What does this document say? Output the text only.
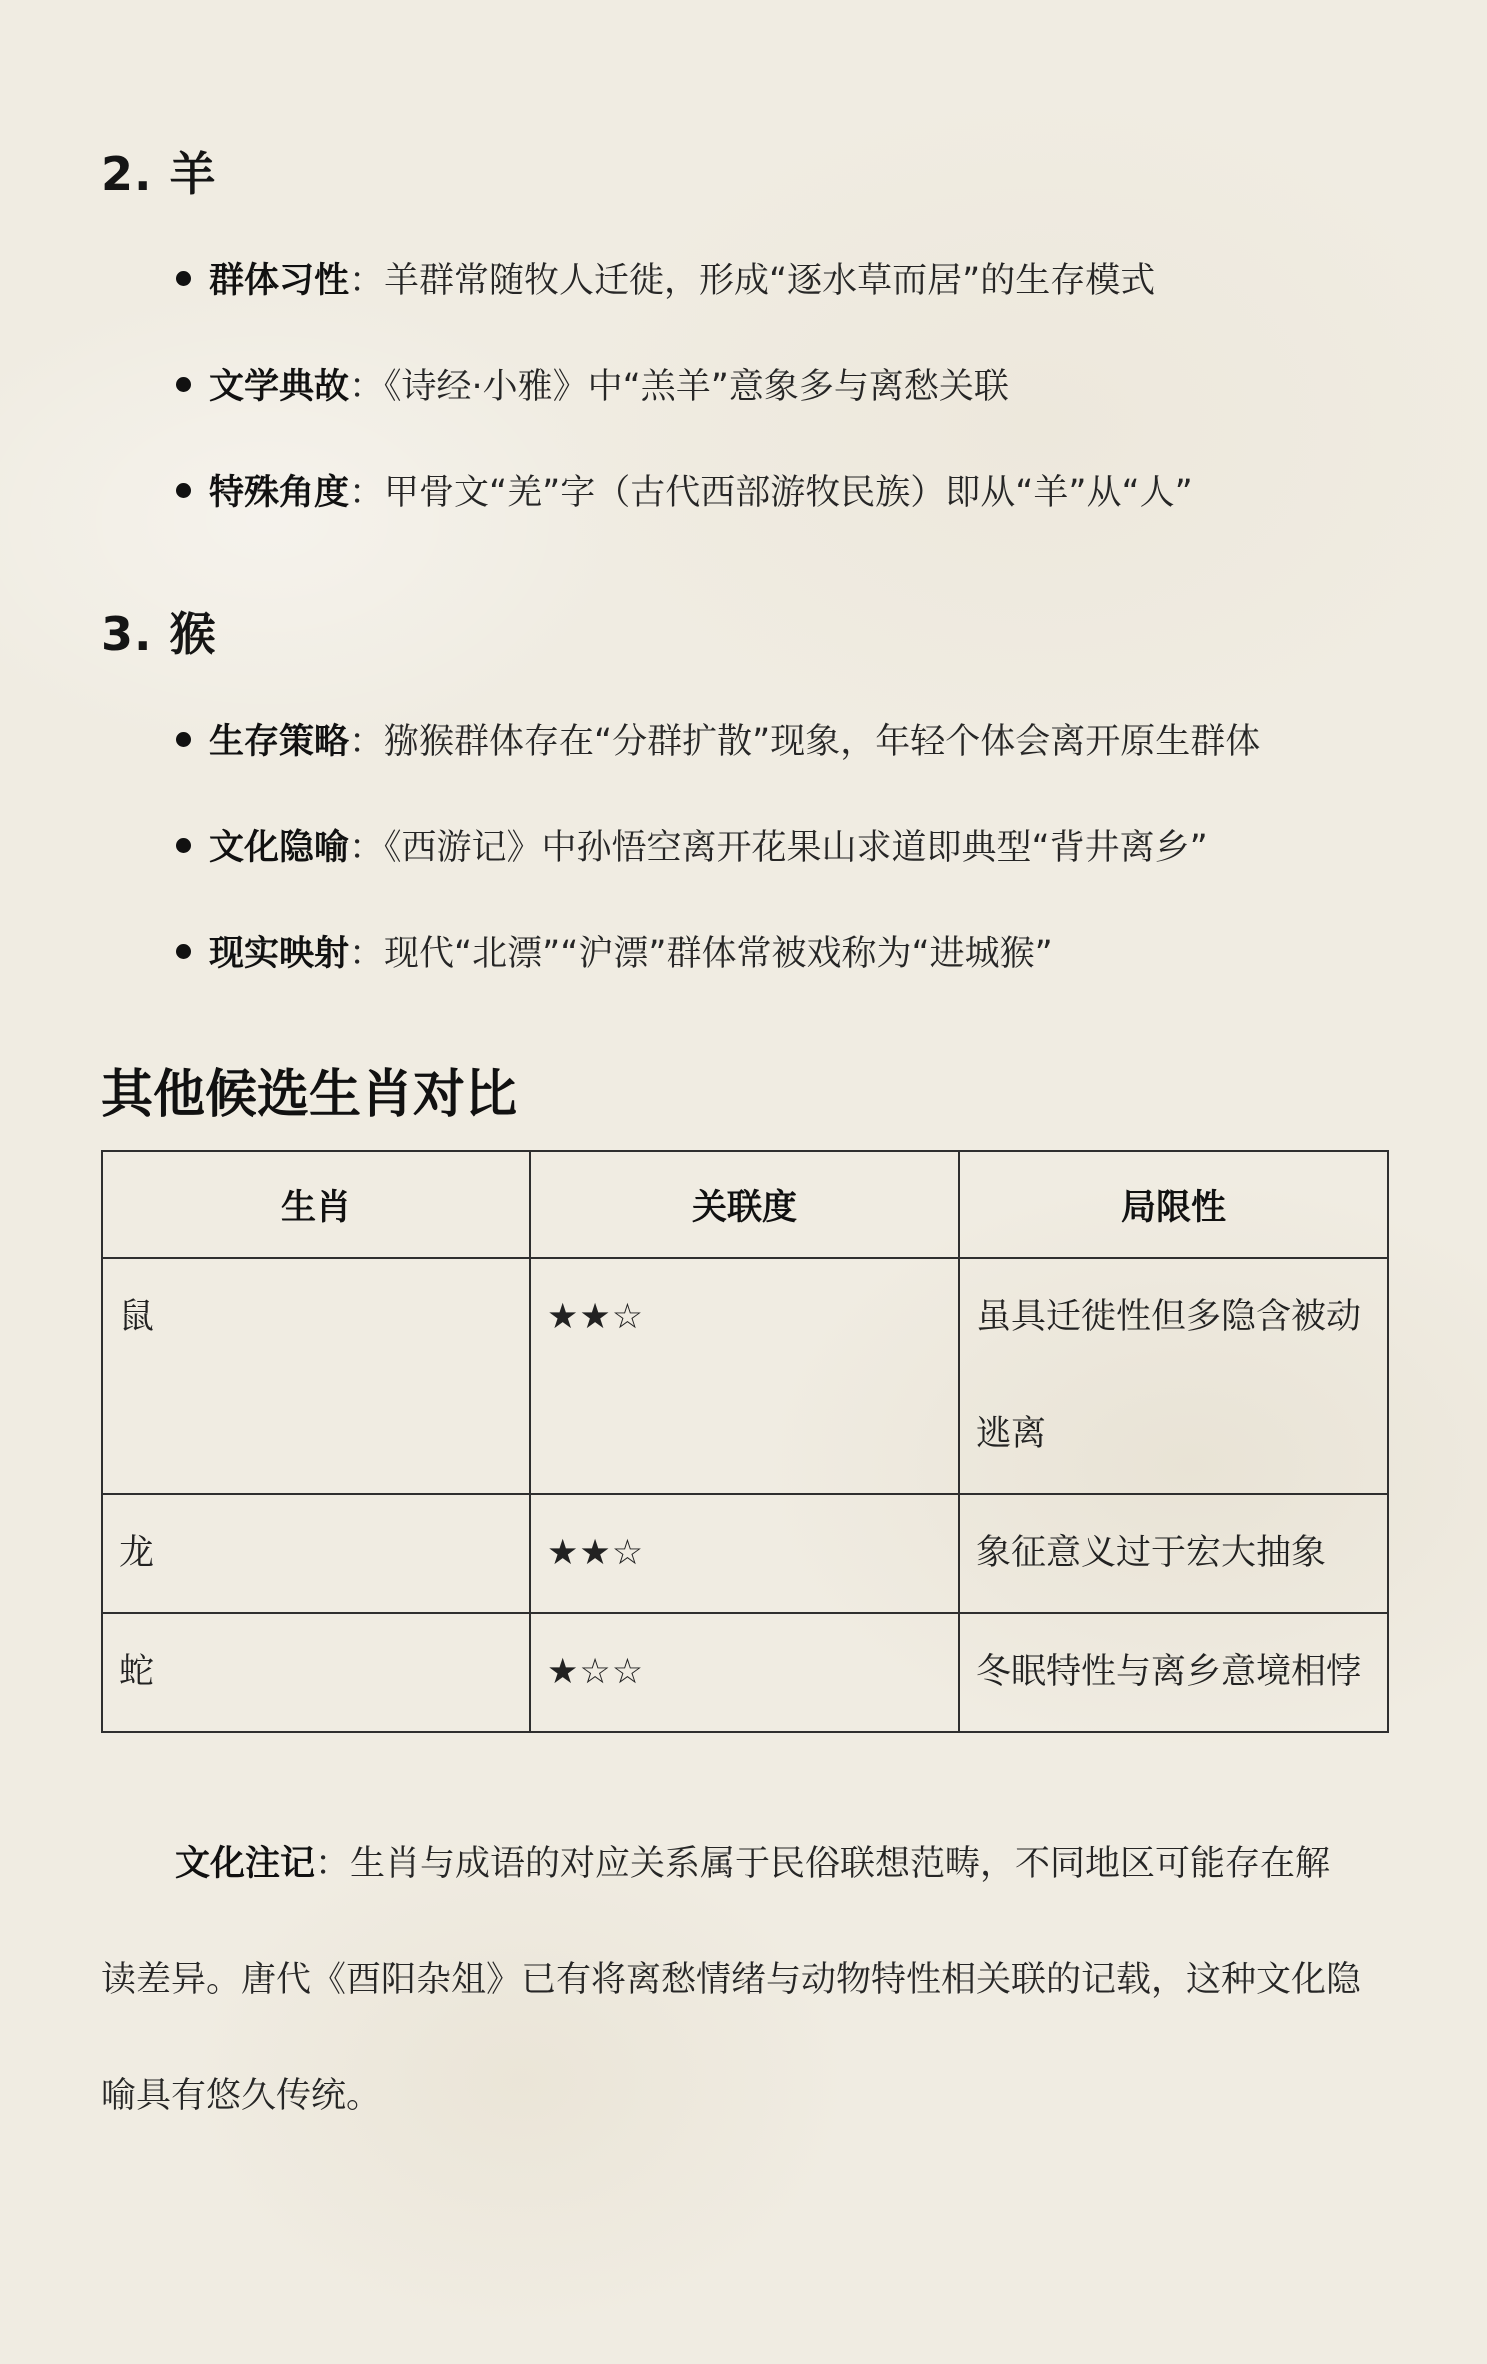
2. 羊
群体习性 ：羊群常随牧人迁徙，形成“逐水草而居”的生存模式
文学典故 ：《诗经·小雅》中“羔羊”意象多与离愁关联
特殊角度 ：甲骨文“羌”字（古代西部游牧民族）即从“羊”从“人”
3. 猴
生存策略 ：猕猴群体存在“分群扩散”现象，年轻个体会离开原生群体
文化隐喻 ：《西游记》中孙悟空离开花果山求道即典型“背井离乡”
现实映射 ：现代“北漂”“沪漂”群体常被戏称为“进城猴”
其他候选生肖对比
生肖	关联度	局限性
鼠	★★☆	虽具迁徙性但多隐含被动逃离
龙	★★☆	象征意义过于宏大抽象
蛇	★☆☆	冬眠特性与离乡意境相悖

文化注记：生肖与成语的对应关系属于民俗联想范畴，不同地区可能存在解读差异。唐代《酉阳杂俎》已有将离愁情绪与动物特性相关联的记载，这种文化隐喻具有悠久传统。
